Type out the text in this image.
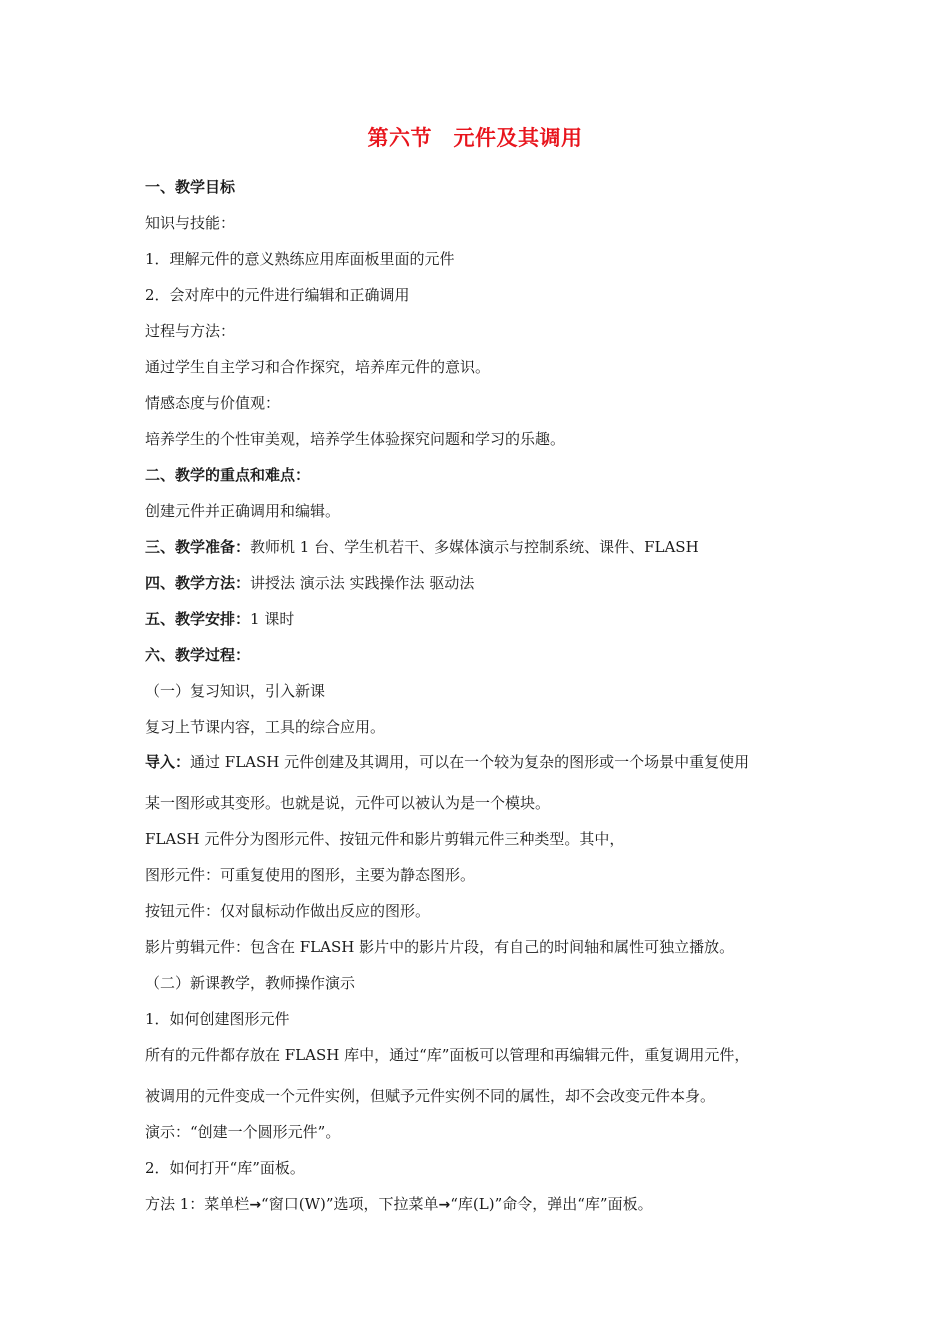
第六节　元件及其调用
一、教学目标
知识与技能：
1．理解元件的意义熟练应用库面板里面的元件
2．会对库中的元件进行编辑和正确调用
过程与方法：
通过学生自主学习和合作探究，培养库元件的意识。
情感态度与价值观：
培养学生的个性审美观，培养学生体验探究问题和学习的乐趣。
二、教学的重点和难点：
创建元件并正确调用和编辑。
三、教学准备：教师机 1 台、学生机若干、多媒体演示与控制系统、课件、FLASH
四、教学方法：讲授法 演示法 实践操作法 驱动法
五、教学安排：1 课时
六、教学过程：
（一）复习知识，引入新课
复习上节课内容，工具的综合应用。
导入：通过 FLASH 元件创建及其调用，可以在一个较为复杂的图形或一个场景中重复使用
某一图形或其变形。也就是说，元件可以被认为是一个模块。
FLASH 元件分为图形元件、按钮元件和影片剪辑元件三种类型。其中，
图形元件：可重复使用的图形，主要为静态图形。
按钮元件：仅对鼠标动作做出反应的图形。
影片剪辑元件：包含在 FLASH 影片中的影片片段，有自己的时间轴和属性可独立播放。
（二）新课教学，教师操作演示
1．如何创建图形元件
所有的元件都存放在 FLASH 库中，通过“库”面板可以管理和再编辑元件，重复调用元件，
被调用的元件变成一个元件实例，但赋予元件实例不同的属性，却不会改变元件本身。
演示：“创建一个圆形元件”。
2．如何打开“库”面板。
方法 1：菜单栏→“窗口(W)”选项，下拉菜单→“库(L)”命令，弹出“库”面板。
